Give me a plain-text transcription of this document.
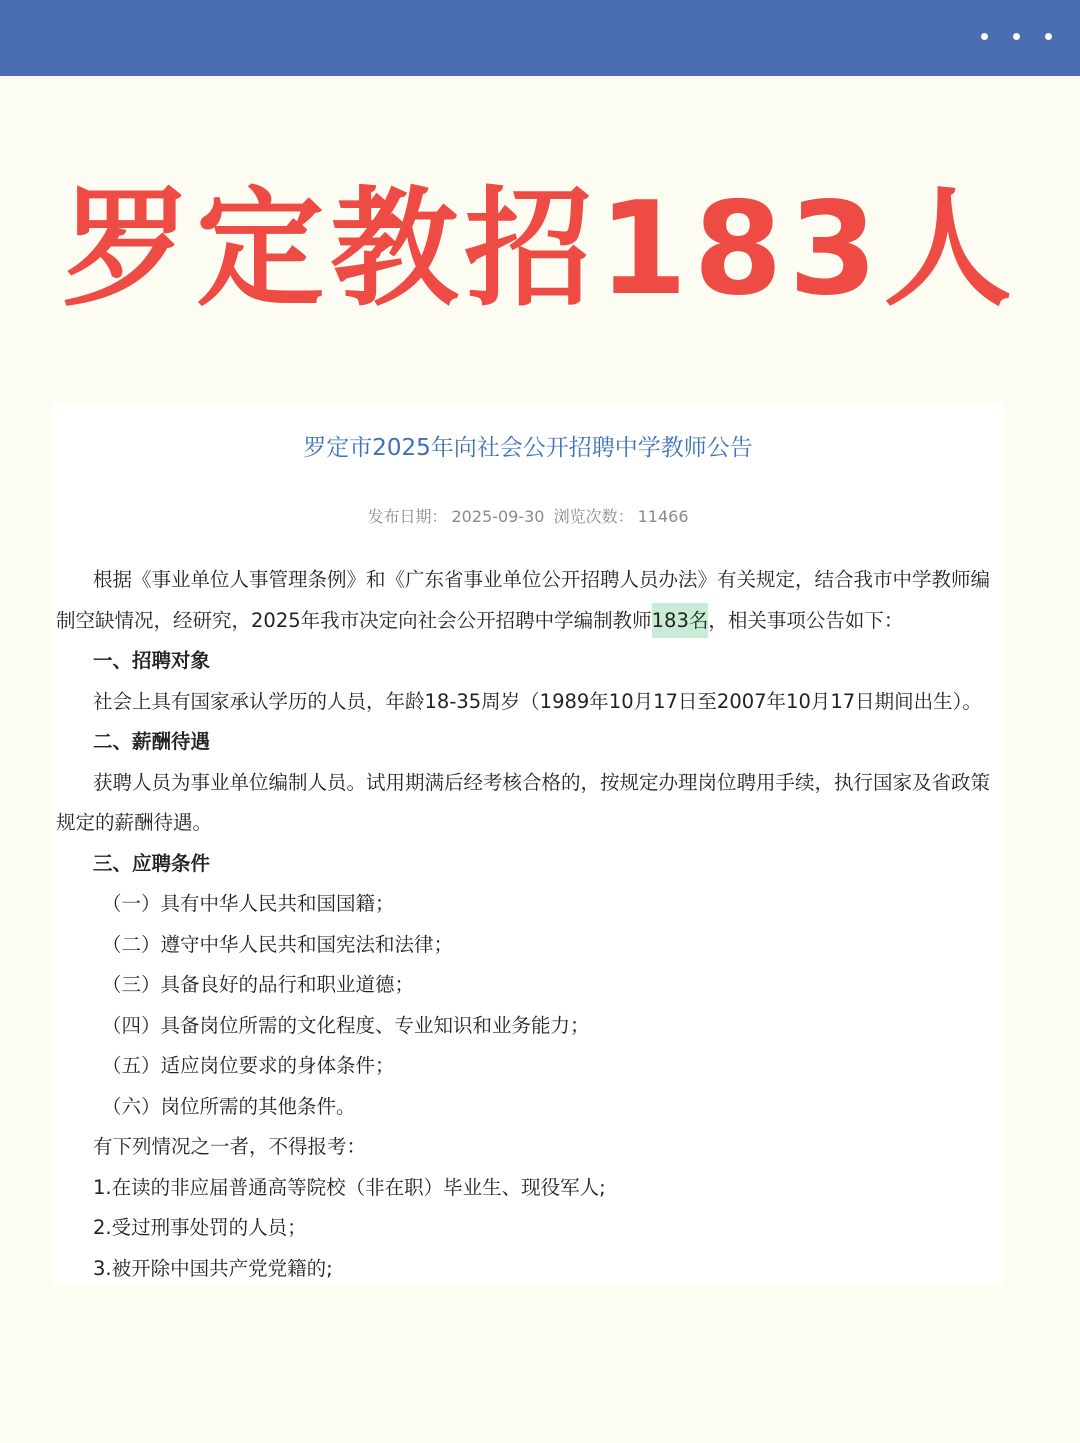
罗定教招183人
罗定市2025年向社会公开招聘中学教师公告
发布日期： 2025-09-30 浏览次数： 11466

根据《事业单位人事管理条例》和《广东省事业单位公开招聘人员办法》有关规定，结合我市中学教师编制空缺情况，经研究，2025年我市决定向社会公开招聘中学编制教师183名，相关事项公告如下：

一、招聘对象

社会上具有国家承认学历的人员，年龄18-35周岁（1989年10月17日至2007年10月17日期间出生）。

二、薪酬待遇

获聘人员为事业单位编制人员。试用期满后经考核合格的，按规定办理岗位聘用手续，执行国家及省政策规定的薪酬待遇。

三、应聘条件

（一）具有中华人民共和国国籍；

（二）遵守中华人民共和国宪法和法律；

（三）具备良好的品行和职业道德；

（四）具备岗位所需的文化程度、专业知识和业务能力；

（五）适应岗位要求的身体条件；

（六）岗位所需的其他条件。

有下列情况之一者，不得报考：

1.在读的非应届普通高等院校（非在职）毕业生、现役军人;

2.受过刑事处罚的人员；

3.被开除中国共产党党籍的;
